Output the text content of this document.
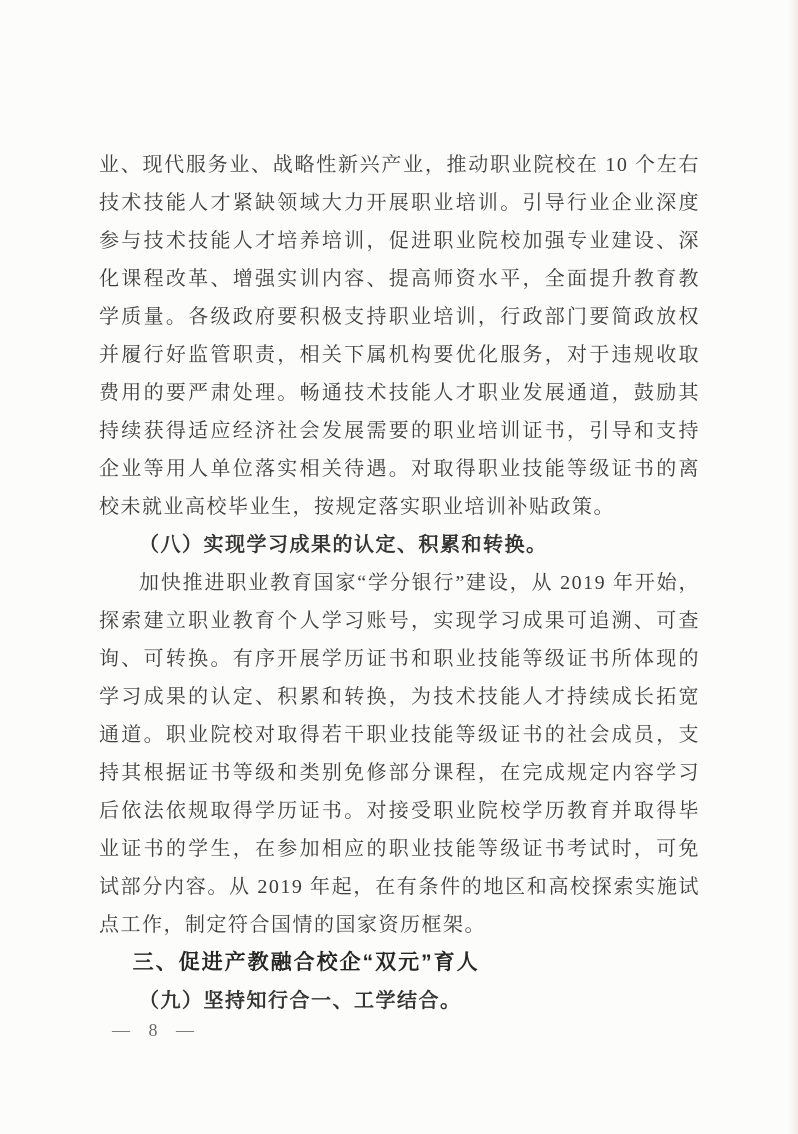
业、现代服务业、战略性新兴产业，推动职业院校在 10 个左右技术技能人才紧缺领域大力开展职业培训。引导行业企业深度参与技术技能人才培养培训，促进职业院校加强专业建设、深化课程改革、增强实训内容、提高师资水平，全面提升教育教学质量。各级政府要积极支持职业培训，行政部门要简政放权并履行好监管职责，相关下属机构要优化服务，对于违规收取费用的要严肃处理。畅通技术技能人才职业发展通道，鼓励其持续获得适应经济社会发展需要的职业培训证书，引导和支持企业等用人单位落实相关待遇。对取得职业技能等级证书的离校未就业高校毕业生，按规定落实职业培训补贴政策。

（八）实现学习成果的认定、积累和转换。

加快推进职业教育国家“学分银行”建设，从 2019 年开始，探索建立职业教育个人学习账号，实现学习成果可追溯、可查询、可转换。有序开展学历证书和职业技能等级证书所体现的学习成果的认定、积累和转换，为技术技能人才持续成长拓宽通道。职业院校对取得若干职业技能等级证书的社会成员，支持其根据证书等级和类别免修部分课程，在完成规定内容学习后依法依规取得学历证书。对接受职业院校学历教育并取得毕业证书的学生，在参加相应的职业技能等级证书考试时，可免试部分内容。从 2019 年起，在有条件的地区和高校探索实施试点工作，制定符合国情的国家资历框架。

三、促进产教融合校企“双元”育人

（九）坚持知行合一、工学结合。

— 8 —
